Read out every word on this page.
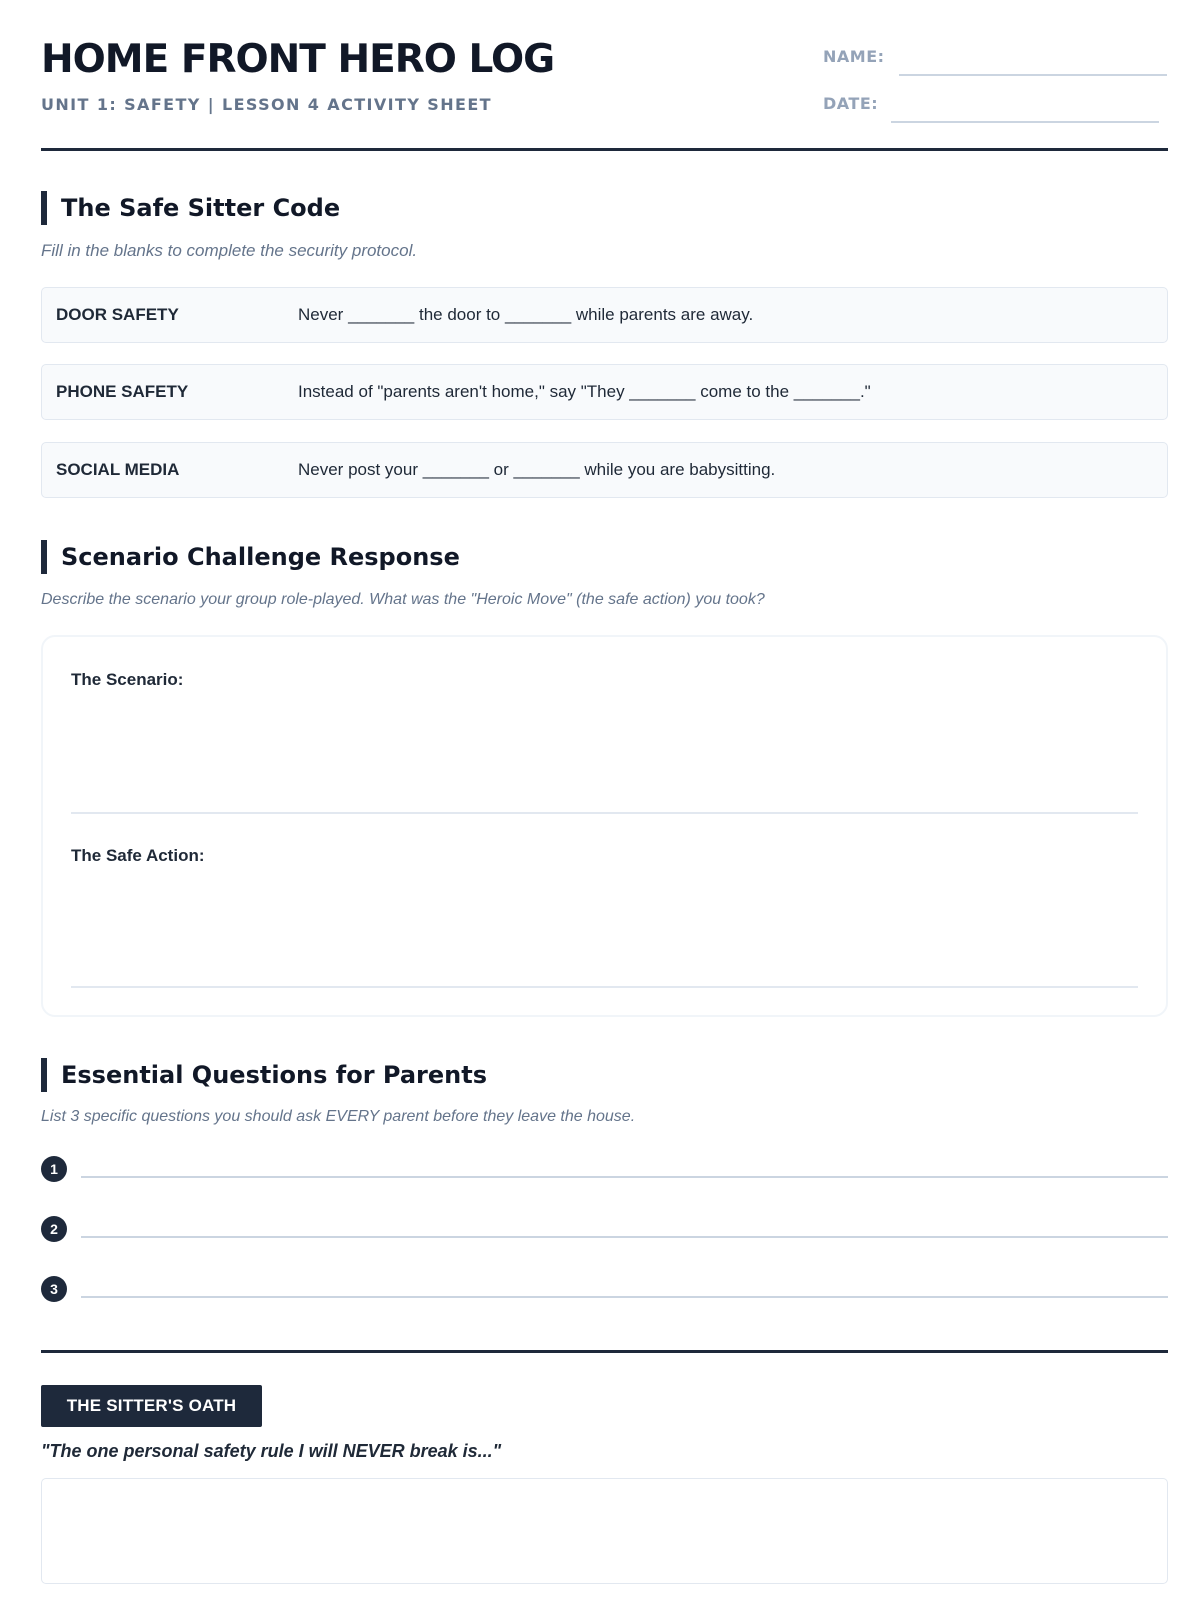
HOME FRONT HERO LOG
UNIT 1: SAFETY | LESSON 4 ACTIVITY SHEET
NAME:
DATE:
The Safe Sitter Code

Fill in the blanks to complete the security protocol.

DOOR SAFETY	Never _______ the door to _______ while parents are away.
PHONE SAFETY	Instead of "parents aren't home," say "They _______ come to the _______."
SOCIAL MEDIA	Never post your _______ or _______ while you are babysitting.
Scenario Challenge Response

Describe the scenario your group role-played. What was the "Heroic Move" (the safe action) you took?

The Scenario:
The Safe Action:
Essential Questions for Parents

List 3 specific questions you should ask EVERY parent before they leave the house.

1
2
3
THE SITTER'S OATH

"The one personal safety rule I will NEVER break is..."
